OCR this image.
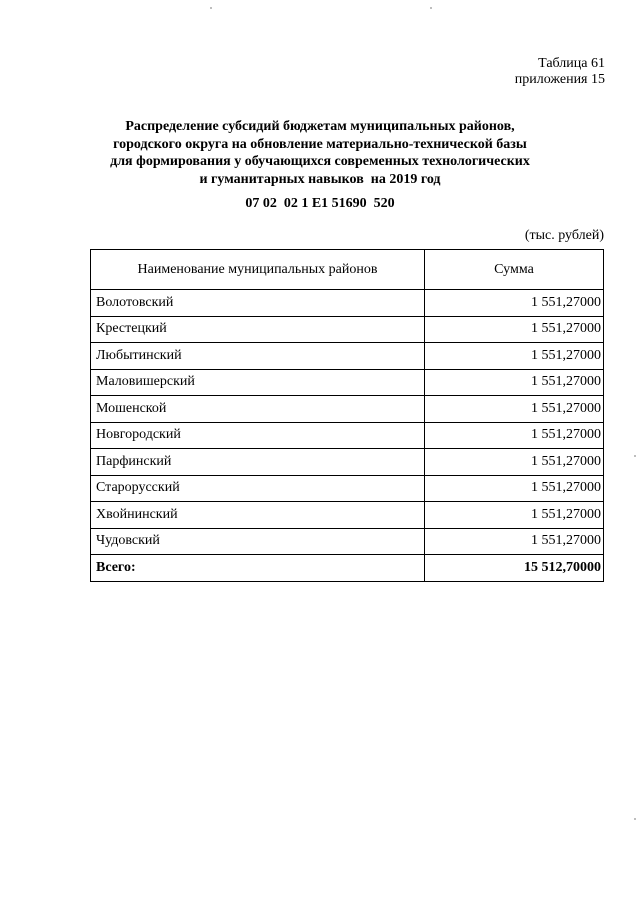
Таблица 61
приложения 15
Распределение субсидий бюджетам муниципальных районов,
городского округа на обновление материально-технической базы
для формирования у обучающихся современных технологических
и гуманитарных навыков  на 2019 год
07 02  02 1 E1 51690  520
(тыс. рублей)
Наименование муниципальных районов	Сумма
Волотовский	1 551,27000
Крестецкий	1 551,27000
Любытинский	1 551,27000
Маловишерский	1 551,27000
Мошенской	1 551,27000
Новгородский	1 551,27000
Парфинский	1 551,27000
Старорусский	1 551,27000
Хвойнинский	1 551,27000
Чудовский	1 551,27000
Всего:	15 512,70000
